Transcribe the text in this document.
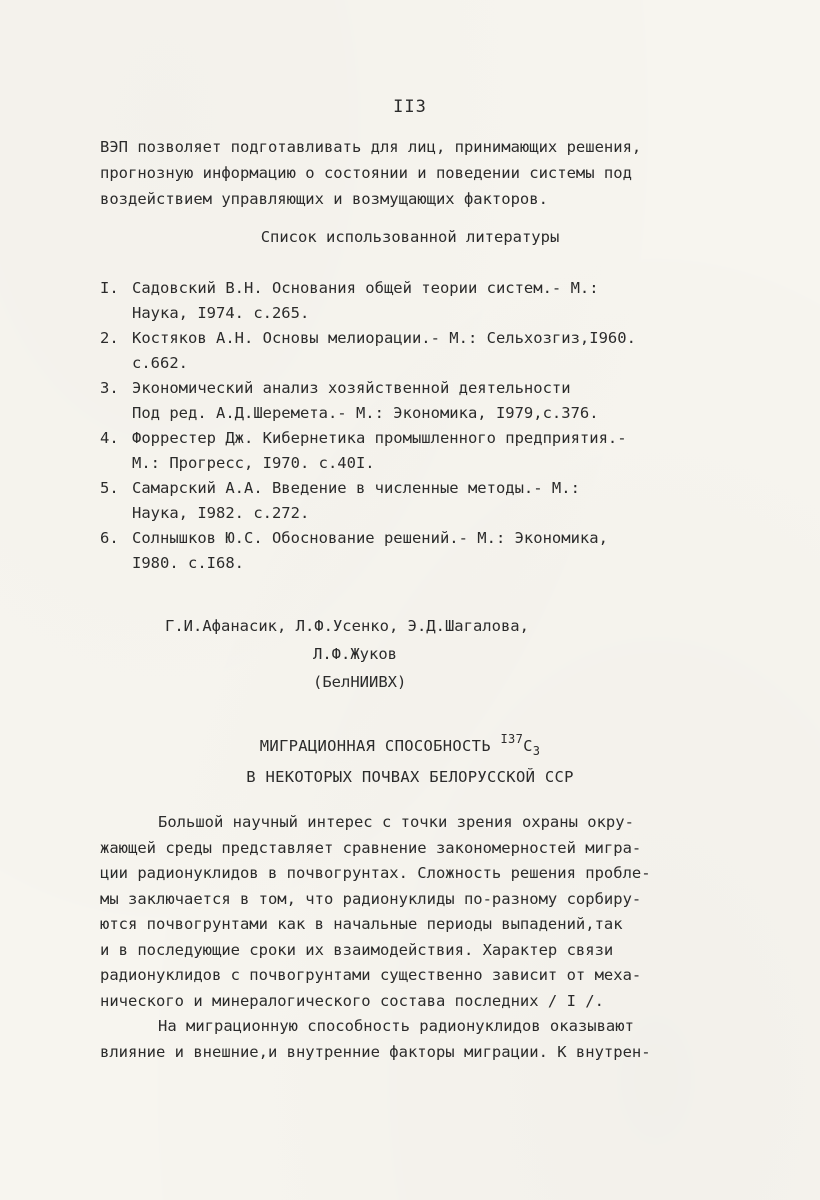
II3

ВЭП позволяет подготавливать для лиц, принимающих решения,

прогнозную информацию о состоянии и поведении системы под

воздействием управляющих и возмущающих факторов.

Список использованной литературы
I. Садовский В.Н. Основания общей теории систем.- М.:
Наука, I974. с.265.
2. Костяков А.Н. Основы мелиорации.- М.: Сельхозгиз,I960.
с.662.
3. Экономический анализ хозяйственной деятельности
Под ред. А.Д.Шеремета.- М.: Экономика, I979,с.376.
4. Форрестер Дж. Кибернетика промышленного предприятия.-
М.: Прогресс, I970. с.40I.
5. Самарский А.А. Введение в численные методы.- М.:
Наука, I982. с.272.
6. Солнышков Ю.С. Обоснование решений.- М.: Экономика,
I980. с.I68.
Г.И.Афанасик, Л.Ф.Усенко, Э.Д.Шагалова,
Л.Ф.Жуков
(БелНИИВХ)
МИГРАЦИОННАЯ СПОСОБНОСТЬ $^{I37}C_3$
В НЕКОТОРЫХ ПОЧВАХ БЕЛОРУССКОЙ ССР
Большой научный интерес с точки зрения охраны окру-
жающей среды представляет сравнение закономерностей мигра-
ции радионуклидов в почвогрунтах. Сложность решения пробле-
мы заключается в том, что радионуклиды по-разному сорбиру-
ются почвогрунтами как в начальные периоды выпадений,так
и в последующие сроки их взаимодействия. Характер связи
радионуклидов с почвогрунтами существенно зависит от меха-
нического и минералогического состава последних / I /.
На миграционную способность радионуклидов оказывают
влияние и внешние,и внутренние факторы миграции. К внутрен-
